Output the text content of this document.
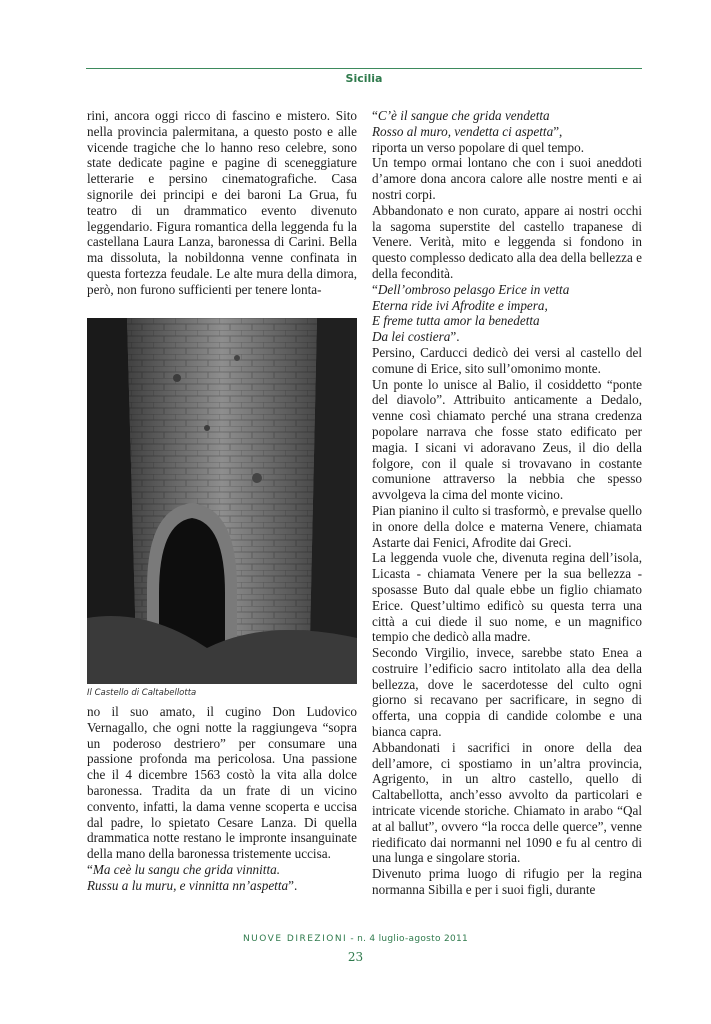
Sicilia
rini, ancora oggi ricco di fascino e mistero. Sito nella provincia palermitana, a questo posto e alle vicende tragiche che lo hanno reso celebre, sono state dedicate pagine e pagine di sceneggiature letterarie e persino cinematografiche. Casa signorile dei principi e dei baroni La Grua, fu teatro di un drammatico evento divenuto leggendario. Figura romantica della leggenda fu la castellana Laura Lanza, baronessa di Carini. Bella ma dissoluta, la nobildonna venne confinata in questa fortezza feudale. Le alte mura della dimora, però, non furono sufficienti per tenere lonta-
Il Castello di Caltabellotta
no il suo amato, il cugino Don Ludovico Vernagallo, che ogni notte la raggiungeva “sopra un poderoso destriero” per consumare una passione profonda ma pericolosa. Una passione che il 4 dicembre 1563 costò la vita alla dolce baronessa. Tradita da un frate di un vicino convento, infatti, la dama venne scoperta e uccisa dal padre, lo spietato Cesare Lanza. Di quella drammatica notte restano le impronte insanguinate della mano della baronessa tristemente uccisa.
“Ma ceè lu sangu che grida vinnitta.
Russu a lu muru, e vinnitta nn’aspetta”.
“C’è il sangue che grida vendetta
Rosso al muro, vendetta ci aspetta”,
riporta un verso popolare di quel tempo.
Un tempo ormai lontano che con i suoi aneddoti d’amore dona ancora calore alle nostre menti e ai nostri corpi.
Abbandonato e non curato, appare ai nostri occhi la sagoma superstite del castello trapanese di Venere. Verità, mito e leggenda si fondono in questo complesso dedicato alla dea della bellezza e della fecondità.
“Dell’ombroso pelasgo Erice in vetta
Eterna ride ivi Afrodite e impera,
E freme tutta amor la benedetta
Da lei costiera”.
Persino, Carducci dedicò dei versi al castello del comune di Erice, sito sull’omonimo monte.
Un ponte lo unisce al Balio, il cosiddetto “ponte del diavolo”. Attribuito anticamente a Dedalo, venne così chiamato perché una strana credenza popolare narrava che fosse stato edificato per magia. I sicani vi adoravano Zeus, il dio della folgore, con il quale si trovavano in costante comunione attraverso la nebbia che spesso avvolgeva la cima del monte vicino.
Pian pianino il culto si trasformò, e prevalse quello in onore della dolce e materna Venere, chiamata Astarte dai Fenici, Afrodite dai Greci.
La leggenda vuole che, divenuta regina dell’isola, Licasta - chiamata Venere per la sua bellezza - sposasse Buto dal quale ebbe un figlio chiamato Erice. Quest’ultimo edificò su questa terra una città a cui diede il suo nome, e un magnifico tempio che dedicò alla madre.
Secondo Virgilio, invece, sarebbe stato Enea a costruire l’edificio sacro intitolato alla dea della bellezza, dove le sacerdotesse del culto ogni giorno si recavano per sacrificare, in segno di offerta, una coppia di candide colombe e una bianca capra.
Abbandonati i sacrifici in onore della dea dell’amore, ci spostiamo in un’altra provincia, Agrigento, in un altro castello, quello di Caltabellotta, anch’esso avvolto da particolari e intricate vicende storiche. Chiamato in arabo “Qal at al ballut”, ovvero “la rocca delle querce”, venne riedificato dai normanni nel 1090 e fu al centro di una lunga e singolare storia.
Divenuto prima luogo di rifugio per la regina normanna Sibilla e per i suoi figli, durante
NUOVE DIREZIONI - n. 4 luglio-agosto 2011
23
